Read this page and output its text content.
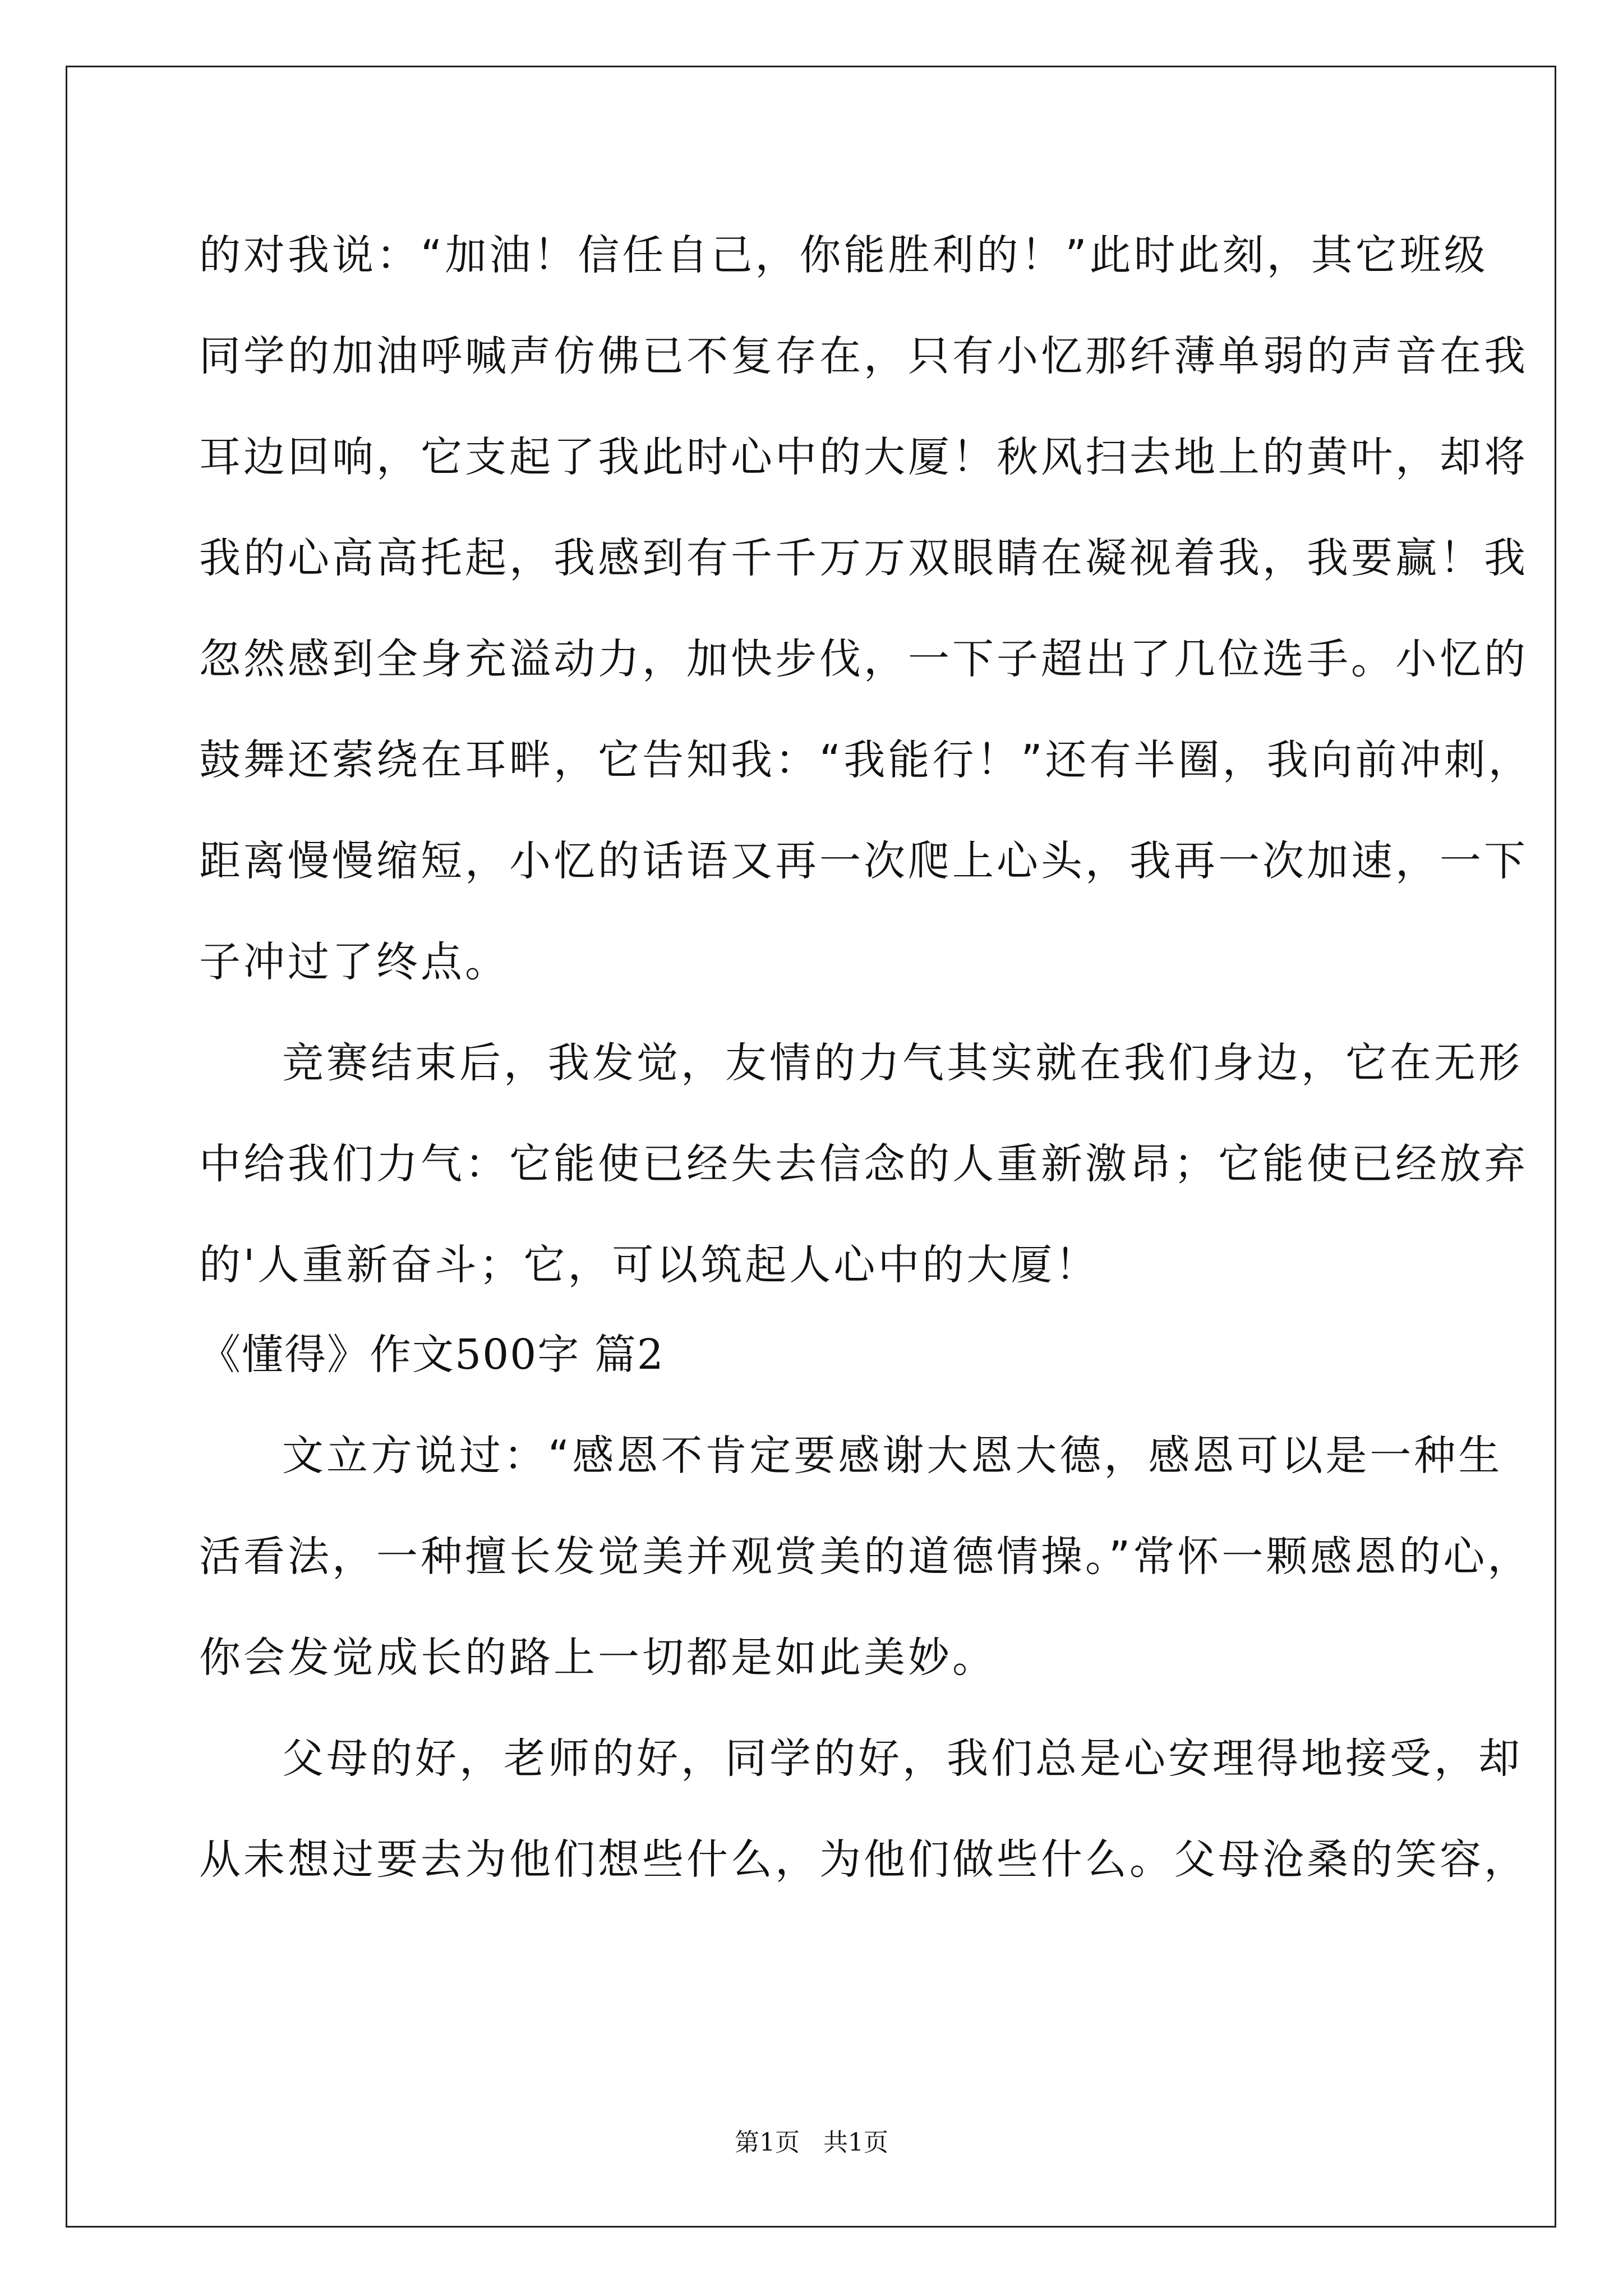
的对我说：“加油！信任自己，你能胜利的！”此时此刻，其它班级
同学的加油呼喊声仿佛已不复存在，只有小忆那纤薄单弱的声音在我
耳边回响，它支起了我此时心中的大厦！秋风扫去地上的黄叶，却将
我的心高高托起，我感到有千千万万双眼睛在凝视着我，我要赢！我
忽然感到全身充溢动力，加快步伐，一下子超出了几位选手。小忆的
鼓舞还萦绕在耳畔，它告知我：“我能行！”还有半圈，我向前冲刺，
距离慢慢缩短，小忆的话语又再一次爬上心头，我再一次加速，一下
子冲过了终点。
竞赛结束后，我发觉，友情的力气其实就在我们身边，它在无形
中给我们力气：它能使已经失去信念的人重新激昂；它能使已经放弃
的'人重新奋斗；它，可以筑起人心中的大厦！
《懂得》作文500字 篇2
文立方说过：“感恩不肯定要感谢大恩大德，感恩可以是一种生
活看法，一种擅长发觉美并观赏美的道德情操。”常怀一颗感恩的心，
你会发觉成长的路上一切都是如此美妙。
父母的好，老师的好，同学的好，我们总是心安理得地接受，却
从未想过要去为他们想些什么，为他们做些什么。父母沧桑的笑容，
第1页   共1页
